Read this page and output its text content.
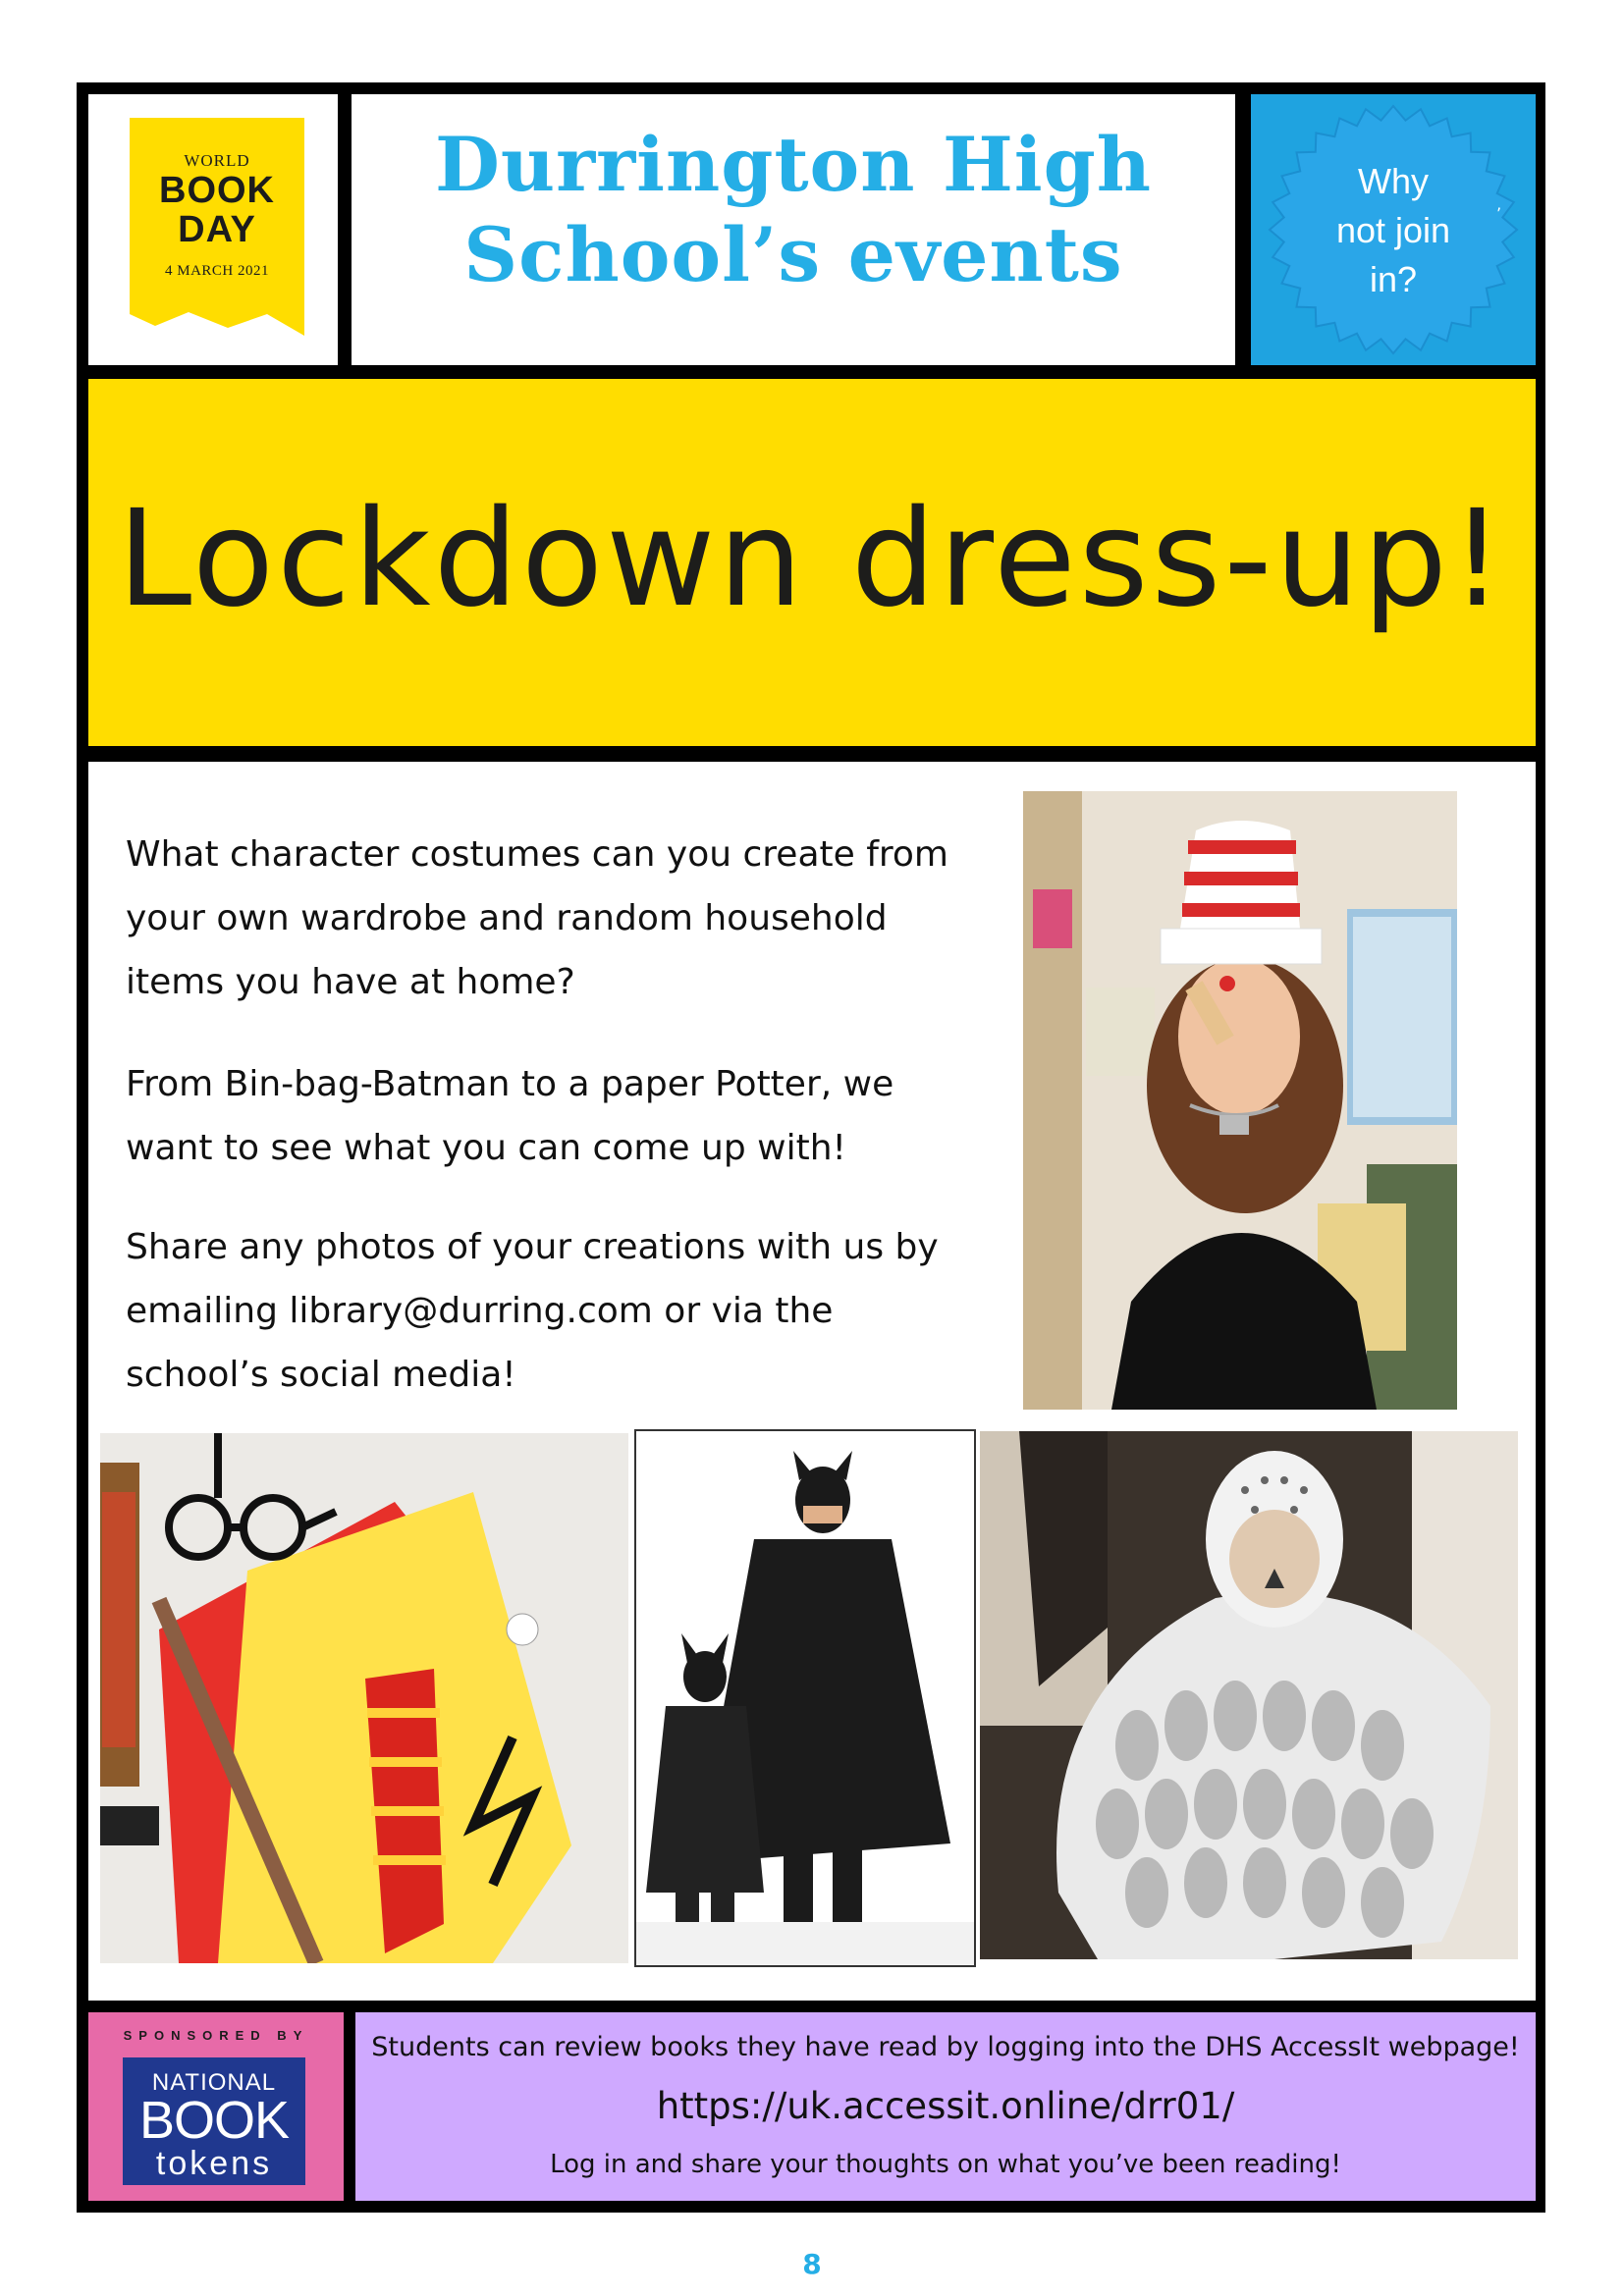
WORLD
BOOK
DAY
4 MARCH 2021
Durrington High
School’s events
Why
not join
in?
’
Lockdown dress-up!

What character costumes can you create from
your own wardrobe and random household
items you have at home?

From Bin-bag-Batman to a paper Potter, we
want to see what you can come up with!

Share any photos of your creations with us by
emailing library@durring.com or via the
school’s social media!

SPONSORED BY
NATIONAL
BOOK
tokens
Students can review books they have read by logging into the DHS AccessIt webpage!
https://uk.accessit.online/drr01/
Log in and share your thoughts on what you’ve been reading!
8
